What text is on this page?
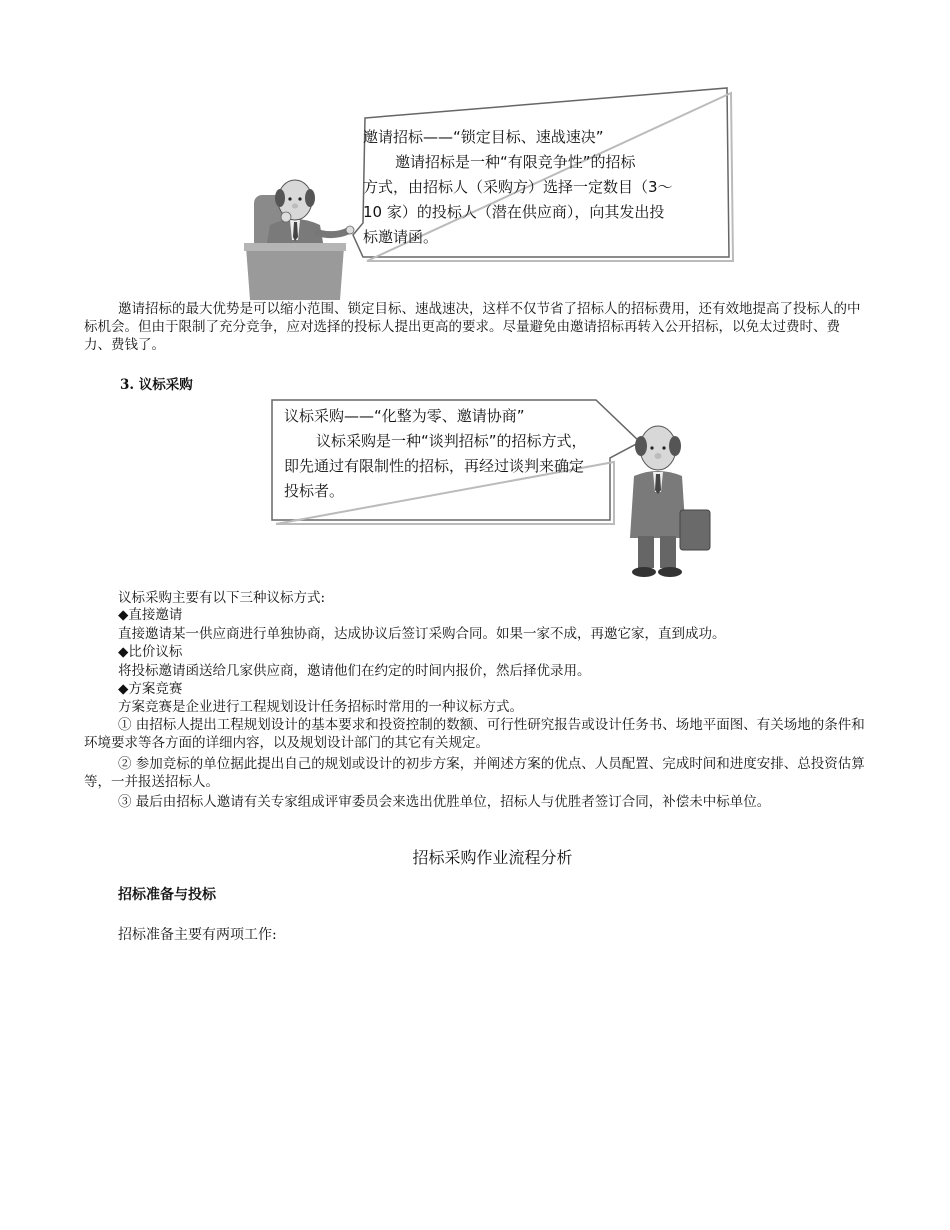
邀请招标——“锁定目标、速战速决”
邀请招标是一种“有限竞争性”的招标
方式，由招标人（采购方）选择一定数目（3～
10 家）的投标人（潜在供应商），向其发出投
标邀请函。
邀请招标的最大优势是可以缩小范围、锁定目标、速战速决，这样不仅节省了招标人的招标费用，还有效地提高了投标人的中标机会。但由于限制了充分竞争，应对选择的投标人提出更高的要求。尽量避免由邀请招标再转入公开招标，以免太过费时、费力、费钱了。
3. 议标采购
议标采购——“化整为零、邀请协商”
议标采购是一种“谈判招标”的招标方式，
即先通过有限制性的招标，再经过谈判来确定
投标者。
议标采购主要有以下三种议标方式:
◆直接邀请
直接邀请某一供应商进行单独协商，达成协议后签订采购合同。如果一家不成，再邀它家，直到成功。
◆比价议标
将投标邀请函送给几家供应商，邀请他们在约定的时间内报价，然后择优录用。
◆方案竞赛
方案竞赛是企业进行工程规划设计任务招标时常用的一种议标方式。
① 由招标人提出工程规划设计的基本要求和投资控制的数额、可行性研究报告或设计任务书、场地平面图、有关场地的条件和环境要求等各方面的详细内容，以及规划设计部门的其它有关规定。
② 参加竞标的单位据此提出自己的规划或设计的初步方案，并阐述方案的优点、人员配置、完成时间和进度安排、总投资估算等，一并报送招标人。
③ 最后由招标人邀请有关专家组成评审委员会来选出优胜单位，招标人与优胜者签订合同，补偿未中标单位。
招标采购作业流程分析
招标准备与投标
招标准备主要有两项工作:
